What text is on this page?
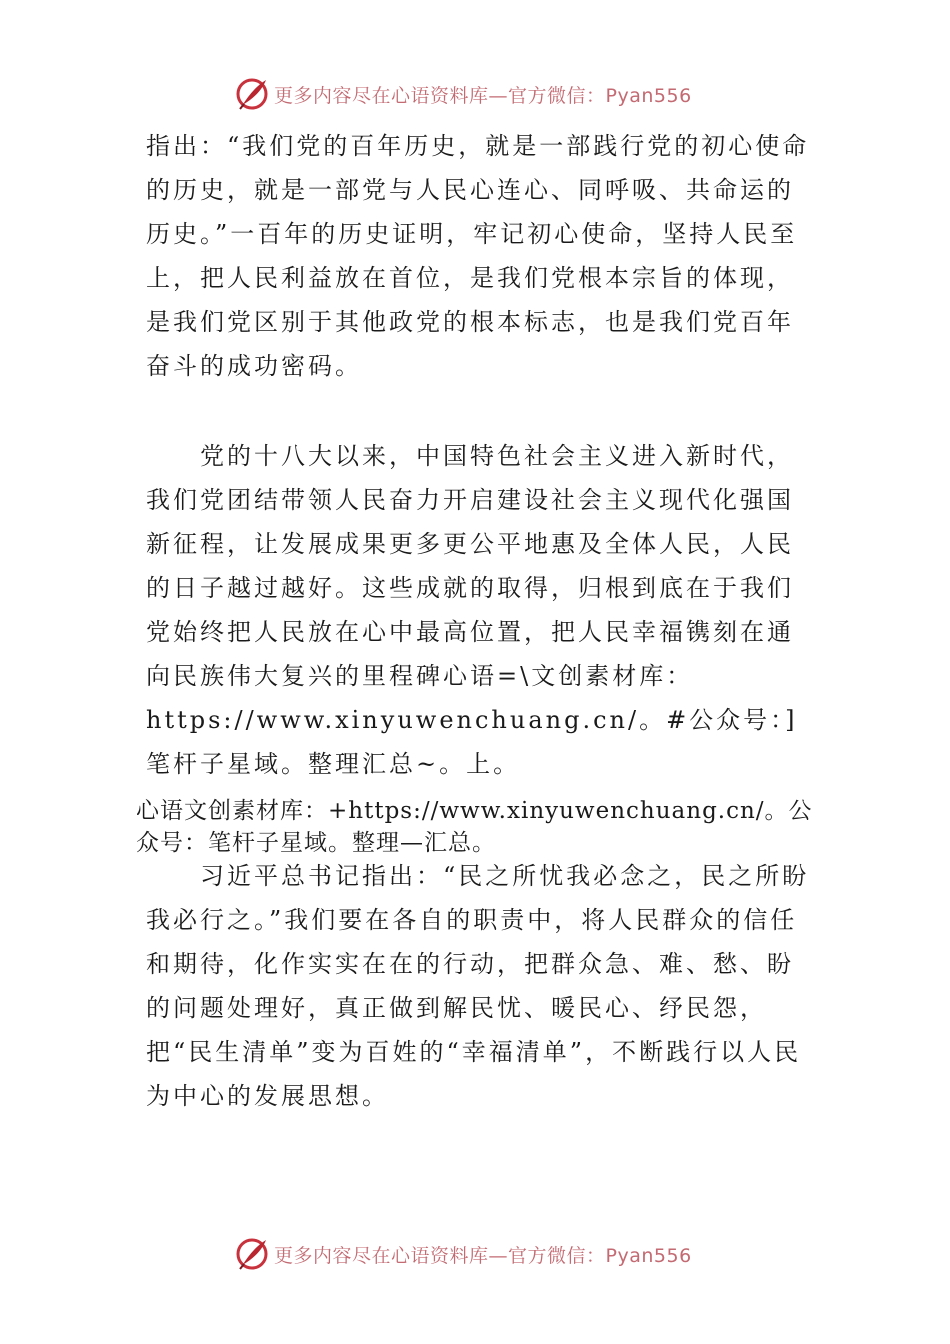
更多内容尽在心语资料库—官方微信：Pyan556

指出：“我们党的百年历史，就是一部践行党的初心使命的历史，就是一部党与人民心连心、同呼吸、共命运的历史。”一百年的历史证明，牢记初心使命，坚持人民至上，把人民利益放在首位，是我们党根本宗旨的体现，是我们党区别于其他政党的根本标志，也是我们党百年奋斗的成功密码。

党的十八大以来，中国特色社会主义进入新时代，我们党团结带领人民奋力开启建设社会主义现代化强国新征程，让发展成果更多更公平地惠及全体人民，人民的日子越过越好。这些成就的取得，归根到底在于我们党始终把人民放在心中最高位置，把人民幸福镌刻在通向民族伟大复兴的里程碑心语=\文创素材库：https://www.xinyuwenchuang.cn/。#公众号：]笔杆子星域。整理汇总~。上。

心语文创素材库：+https://www.xinyuwenchuang.cn/。公众号：笔杆子星域。整理—汇总。

习近平总书记指出：“民之所忧我必念之，民之所盼我必行之。”我们要在各自的职责中，将人民群众的信任和期待，化作实实在在的行动，把群众急、难、愁、盼的问题处理好，真正做到解民忧、暖民心、纾民怨，把“民生清单”变为百姓的“幸福清单”，不断践行以人民为中心的发展思想。

更多内容尽在心语资料库—官方微信：Pyan556
